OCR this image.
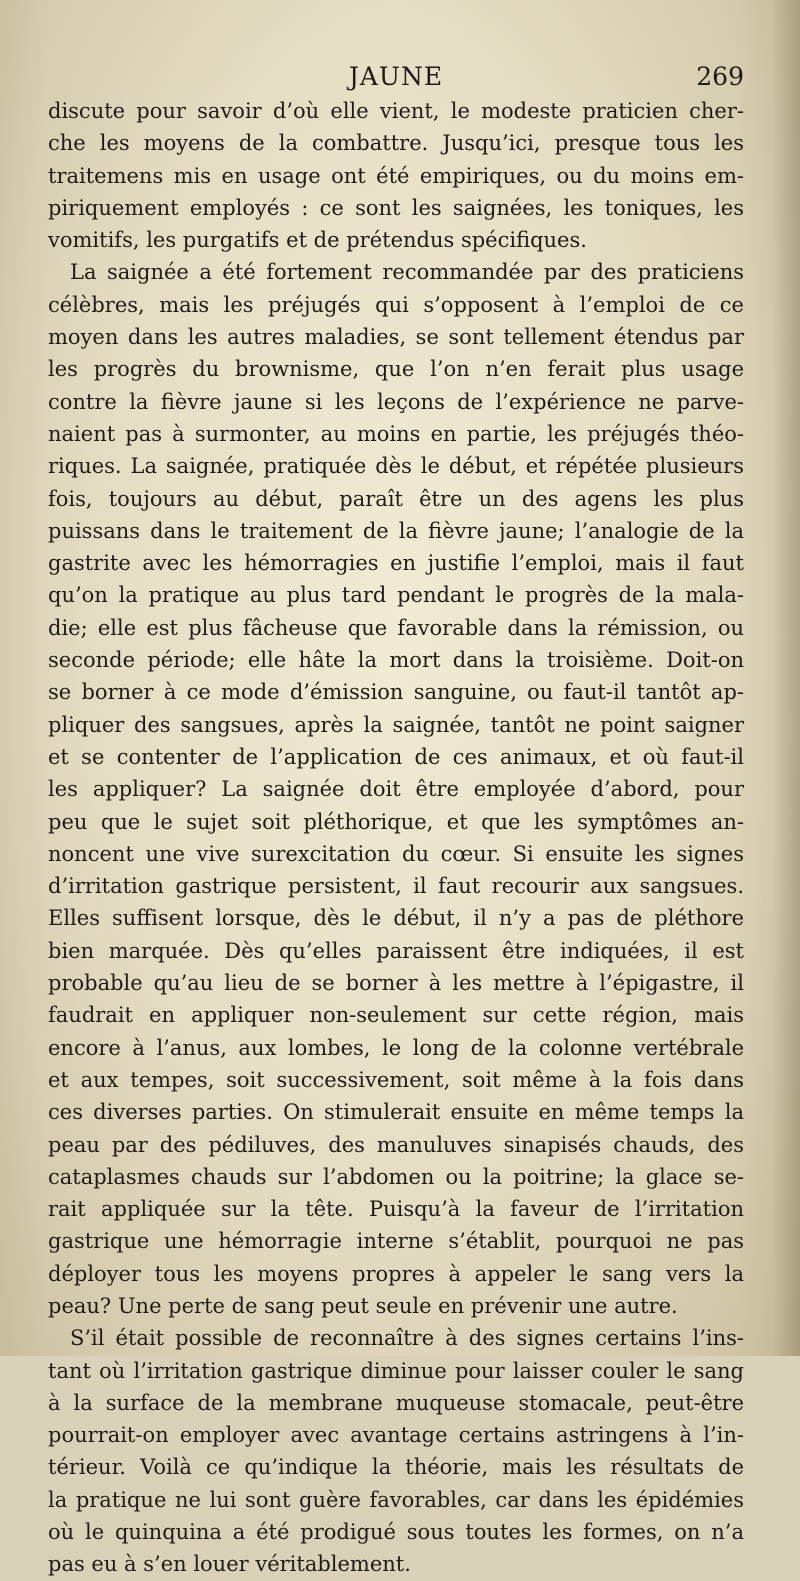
JAUNE	269
discute pour savoir d’où elle vient, le modeste praticien cher-
che les moyens de la combattre. Jusqu’ici, presque tous les
traitemens mis en usage ont été empiriques, ou du moins em-
piriquement employés : ce sont les saignées, les toniques, les
vomitifs, les purgatifs et de prétendus spécifiques.
La saignée a été fortement recommandée par des praticiens
célèbres, mais les préjugés qui s’opposent à l’emploi de ce
moyen dans les autres maladies, se sont tellement étendus par
les progrès du brownisme, que l’on n’en ferait plus usage
contre la fièvre jaune si les leçons de l’expérience ne parve-
naient pas à surmonter, au moins en partie, les préjugés théo-
riques. La saignée, pratiquée dès le début, et répétée plusieurs
fois, toujours au début, paraît être un des agens les plus
puissans dans le traitement de la fièvre jaune; l’analogie de la
gastrite avec les hémorragies en justifie l’emploi, mais il faut
qu’on la pratique au plus tard pendant le progrès de la mala-
die; elle est plus fâcheuse que favorable dans la rémission, ou
seconde période; elle hâte la mort dans la troisième. Doit-on
se borner à ce mode d’émission sanguine, ou faut-il tantôt ap-
pliquer des sangsues, après la saignée, tantôt ne point saigner
et se contenter de l’application de ces animaux, et où faut-il
les appliquer? La saignée doit être employée d’abord, pour
peu que le sujet soit pléthorique, et que les symptômes an-
noncent une vive surexcitation du cœur. Si ensuite les signes
d’irritation gastrique persistent, il faut recourir aux sangsues.
Elles suffisent lorsque, dès le début, il n’y a pas de pléthore
bien marquée. Dès qu’elles paraissent être indiquées, il est
probable qu’au lieu de se borner à les mettre à l’épigastre, il
faudrait en appliquer non-seulement sur cette région, mais
encore à l’anus, aux lombes, le long de la colonne vertébrale
et aux tempes, soit successivement, soit même à la fois dans
ces diverses parties. On stimulerait ensuite en même temps la
peau par des pédiluves, des manuluves sinapisés chauds, des
cataplasmes chauds sur l’abdomen ou la poitrine; la glace se-
rait appliquée sur la tête. Puisqu’à la faveur de l’irritation
gastrique une hémorragie interne s’établit, pourquoi ne pas
déployer tous les moyens propres à appeler le sang vers la
peau? Une perte de sang peut seule en prévenir une autre.
S’il était possible de reconnaître à des signes certains l’ins-
tant où l’irritation gastrique diminue pour laisser couler le sang
à la surface de la membrane muqueuse stomacale, peut-être
pourrait-on employer avec avantage certains astringens à l’in-
térieur. Voilà ce qu’indique la théorie, mais les résultats de
la pratique ne lui sont guère favorables, car dans les épidémies
où le quinquina a été prodigué sous toutes les formes, on n’a
pas eu à s’en louer véritablement.
